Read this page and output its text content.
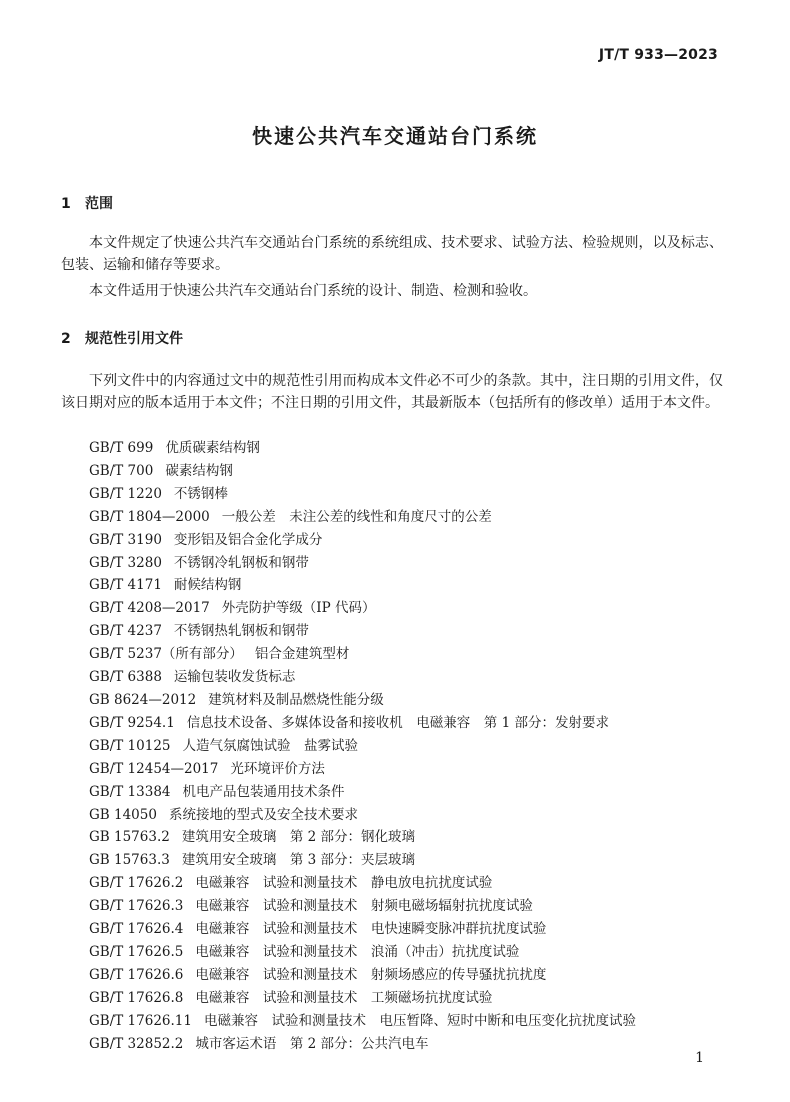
JT/T 933—2023
快速公共汽车交通站台门系统
1 范围

本文件规定了快速公共汽车交通站台门系统的系统组成、技术要求、试验方法、检验规则，以及标志、包装、运输和储存等要求。

本文件适用于快速公共汽车交通站台门系统的设计、制造、检测和验收。

2 规范性引用文件

下列文件中的内容通过文中的规范性引用而构成本文件必不可少的条款。其中，注日期的引用文件，仅该日期对应的版本适用于本文件；不注日期的引用文件，其最新版本（包括所有的修改单）适用于本文件。

GB/T 699 优质碳素结构钢
GB/T 700 碳素结构钢
GB/T 1220 不锈钢棒
GB/T 1804—2000 一般公差　未注公差的线性和角度尺寸的公差
GB/T 3190 变形铝及铝合金化学成分
GB/T 3280 不锈钢冷轧钢板和钢带
GB/T 4171 耐候结构钢
GB/T 4208—2017 外壳防护等级（IP 代码）
GB/T 4237 不锈钢热轧钢板和钢带
GB/T 5237（所有部分） 铝合金建筑型材
GB/T 6388 运输包装收发货标志
GB 8624—2012 建筑材料及制品燃烧性能分级
GB/T 9254.1 信息技术设备、多媒体设备和接收机　电磁兼容　第 1 部分：发射要求
GB/T 10125 人造气氛腐蚀试验　盐雾试验
GB/T 12454—2017 光环境评价方法
GB/T 13384 机电产品包装通用技术条件
GB 14050 系统接地的型式及安全技术要求
GB 15763.2 建筑用安全玻璃　第 2 部分：钢化玻璃
GB 15763.3 建筑用安全玻璃　第 3 部分：夹层玻璃
GB/T 17626.2 电磁兼容　试验和测量技术　静电放电抗扰度试验
GB/T 17626.3 电磁兼容　试验和测量技术　射频电磁场辐射抗扰度试验
GB/T 17626.4 电磁兼容　试验和测量技术　电快速瞬变脉冲群抗扰度试验
GB/T 17626.5 电磁兼容　试验和测量技术　浪涌（冲击）抗扰度试验
GB/T 17626.6 电磁兼容　试验和测量技术　射频场感应的传导骚扰抗扰度
GB/T 17626.8 电磁兼容　试验和测量技术　工频磁场抗扰度试验
GB/T 17626.11 电磁兼容　试验和测量技术　电压暂降、短时中断和电压变化抗扰度试验
GB/T 32852.2 城市客运术语　第 2 部分：公共汽电车
1
